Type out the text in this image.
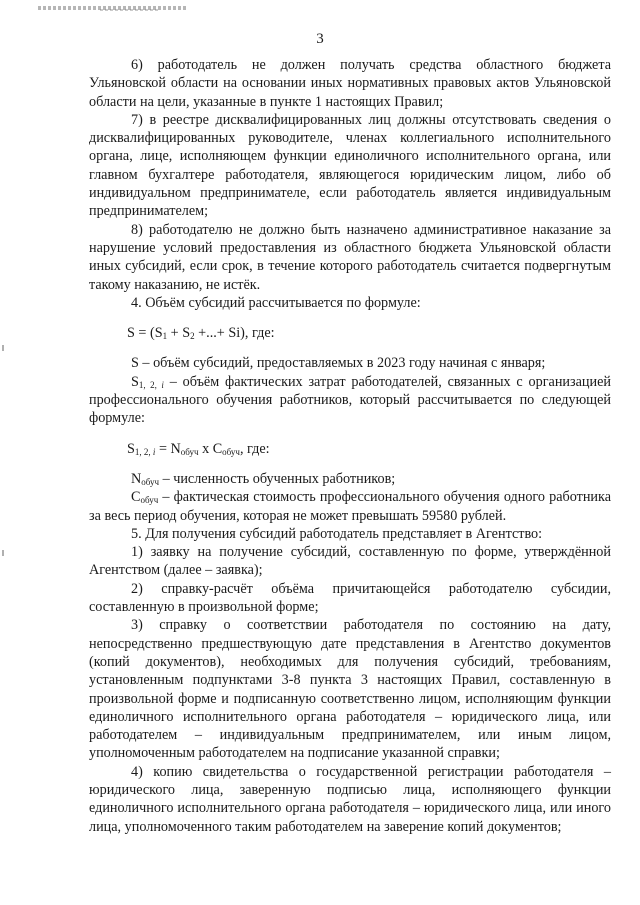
3

6) работодатель не должен получать средства областного бюджета Ульяновской области на основании иных нормативных правовых актов Ульяновской области на цели, указанные в пункте 1 настоящих Правил;

7) в реестре дисквалифицированных лиц должны отсутствовать сведения о дисквалифицированных руководителе, членах коллегиального исполнительного органа, лице, исполняющем функции единоличного исполнительного органа, или главном бухгалтере работодателя, являющегося юридическим лицом, либо об индивидуальном предпринимателе, если работодатель является индивидуальным предпринимателем;

8) работодателю не должно быть назначено административное наказание за нарушение условий предоставления из областного бюджета Ульяновской области иных субсидий, если срок, в течение которого работодатель считается подвергнутым такому наказанию, не истёк.

4. Объём субсидий рассчитывается по формуле:

$S = (S_1 + S_2$ +...+ Si), где:

S – объём субсидий, предоставляемых в 2023 году начиная с января;

$S_{1, 2, i}$ – объём фактических затрат работодателей, связанных с организацией профессионального обучения работников, который рассчитывается по следующей формуле:

$S_{1, 2, i} = N_{обуч}$ x $C_{обуч}$, где:

$N_{обуч}$ – численность обученных работников;

$C_{обуч}$ – фактическая стоимость профессионального обучения одного работника за весь период обучения, которая не может превышать 59580 рублей.

5. Для получения субсидий работодатель представляет в Агентство:

1) заявку на получение субсидий, составленную по форме, утверждённой Агентством (далее – заявка);

2) справку-расчёт объёма причитающейся работодателю субсидии, составленную в произвольной форме;

3) справку о соответствии работодателя по состоянию на дату, непосредственно предшествующую дате представления в Агентство документов (копий документов), необходимых для получения субсидий, требованиям, установленным подпунктами 3-8 пункта 3 настоящих Правил, составленную в произвольной форме и подписанную соответственно лицом, исполняющим функции единоличного исполнительного органа работодателя – юридического лица, или работодателем – индивидуальным предпринимателем, или иным лицом, уполномоченным работодателем на подписание указанной справки;

4) копию свидетельства о государственной регистрации работодателя – юридического лица, заверенную подписью лица, исполняющего функции единоличного исполнительного органа работодателя – юридического лица, или иного лица, уполномоченного таким работодателем на заверение копий документов;
